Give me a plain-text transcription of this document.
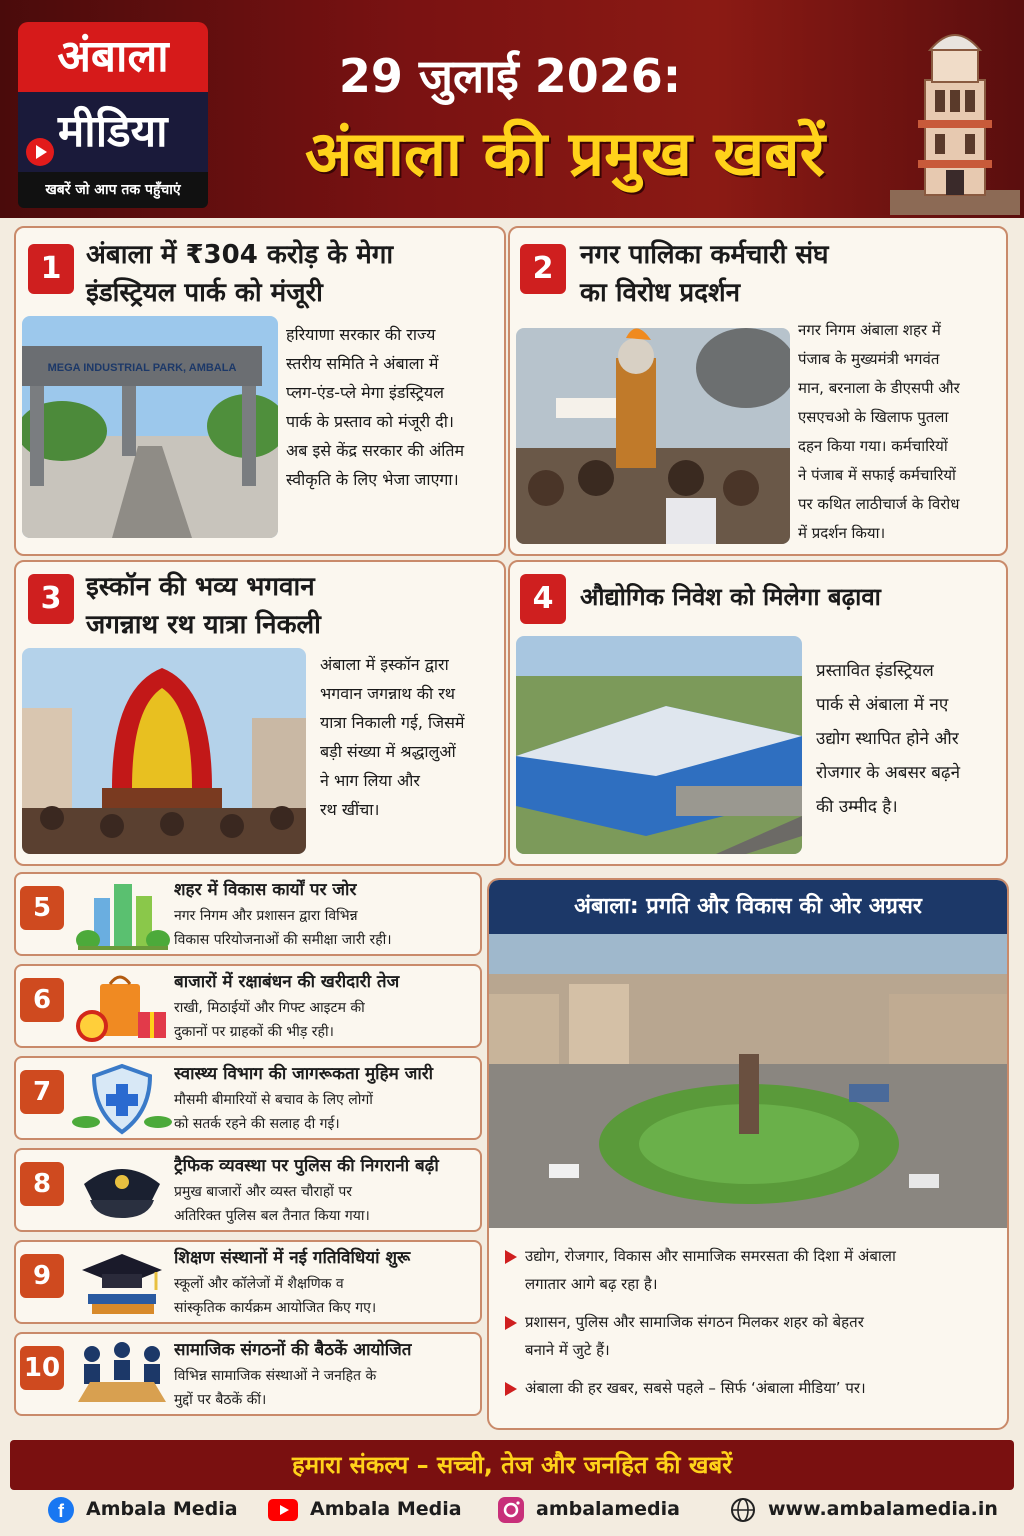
अंबाला
मीडिया
खबरें जो आप तक पहुँचाएं
29 जुलाई 2026:
अंबाला की प्रमुख खबरें
1 अंबाला में ₹304 करोड़ के मेगा
इंडस्ट्रियल पार्क को मंजूरी
MEGA INDUSTRIAL PARK, AMBALA
हरियाणा सरकार की राज्य
स्तरीय समिति ने अंबाला में
प्लग-एंड-प्ले मेगा इंडस्ट्रियल
पार्क के प्रस्ताव को मंजूरी दी।
अब इसे केंद्र सरकार की अंतिम
स्वीकृति के लिए भेजा जाएगा।
2	नगर पालिका कर्मचारी संघ
का विरोध प्रदर्शन
नगर निगम अंबाला शहर में
पंजाब के मुख्यमंत्री भगवंत
मान, बरनाला के डीएसपी और
एसएचओ के खिलाफ पुतला
दहन किया गया। कर्मचारियों
ने पंजाब में सफाई कर्मचारियों
पर कथित लाठीचार्ज के विरोध
में प्रदर्शन किया।
3 इस्कॉन की भव्य भगवान
जगन्नाथ रथ यात्रा निकली
अंबाला में इस्कॉन द्वारा
भगवान जगन्नाथ की रथ
यात्रा निकाली गई, जिसमें
बड़ी संख्या में श्रद्धालुओं
ने भाग लिया और
रथ खींचा।
4	औद्योगिक निवेश को मिलेगा बढ़ावा
प्रस्तावित इंडस्ट्रियल
पार्क से अंबाला में नए
उद्योग स्थापित होने और
रोजगार के अबसर बढ़ने
की उम्मीद है।
5
शहर में विकास कार्यों पर जोर
नगर निगम और प्रशासन द्वारा विभिन्न
विकास परियोजनाओं की समीक्षा जारी रही।
6
बाजारों में रक्षाबंधन की खरीदारी तेज
राखी, मिठाईयों और गिफ्ट आइटम की
दुकानों पर ग्राहकों की भीड़ रही।
7
स्वास्थ्य विभाग की जागरूकता मुहिम जारी
मौसमी बीमारियों से बचाव के लिए लोगों
को सतर्क रहने की सलाह दी गई।
8
ट्रैफिक व्यवस्था पर पुलिस की निगरानी बढ़ी
प्रमुख बाजारों और व्यस्त चौराहों पर
अतिरिक्त पुलिस बल तैनात किया गया।
9
शिक्षण संस्थानों में नई गतिविधियां शुरू
स्कूलों और कॉलेजों में शैक्षणिक व
सांस्कृतिक कार्यक्रम आयोजित किए गए।
10
सामाजिक संगठनों की बैठकें आयोजित
विभिन्न सामाजिक संस्थाओं ने जनहित के
मुद्दों पर बैठकें कीं।
अंबाला: प्रगति और विकास की ओर अग्रसर
उद्योग, रोजगार, विकास और सामाजिक समरसता की दिशा में अंबाला
लगातार आगे बढ़ रहा है।
प्रशासन, पुलिस और सामाजिक संगठन मिलकर शहर को बेहतर
बनाने में जुटे हैं।
अंबाला की हर खबर, सबसे पहले – सिर्फ ‘अंबाला मीडिया’ पर।
हमारा संकल्प – सच्ची, तेज और जनहित की खबरें
f Ambala Media	Ambala Media	ambalamedia	www.ambalamedia.in
